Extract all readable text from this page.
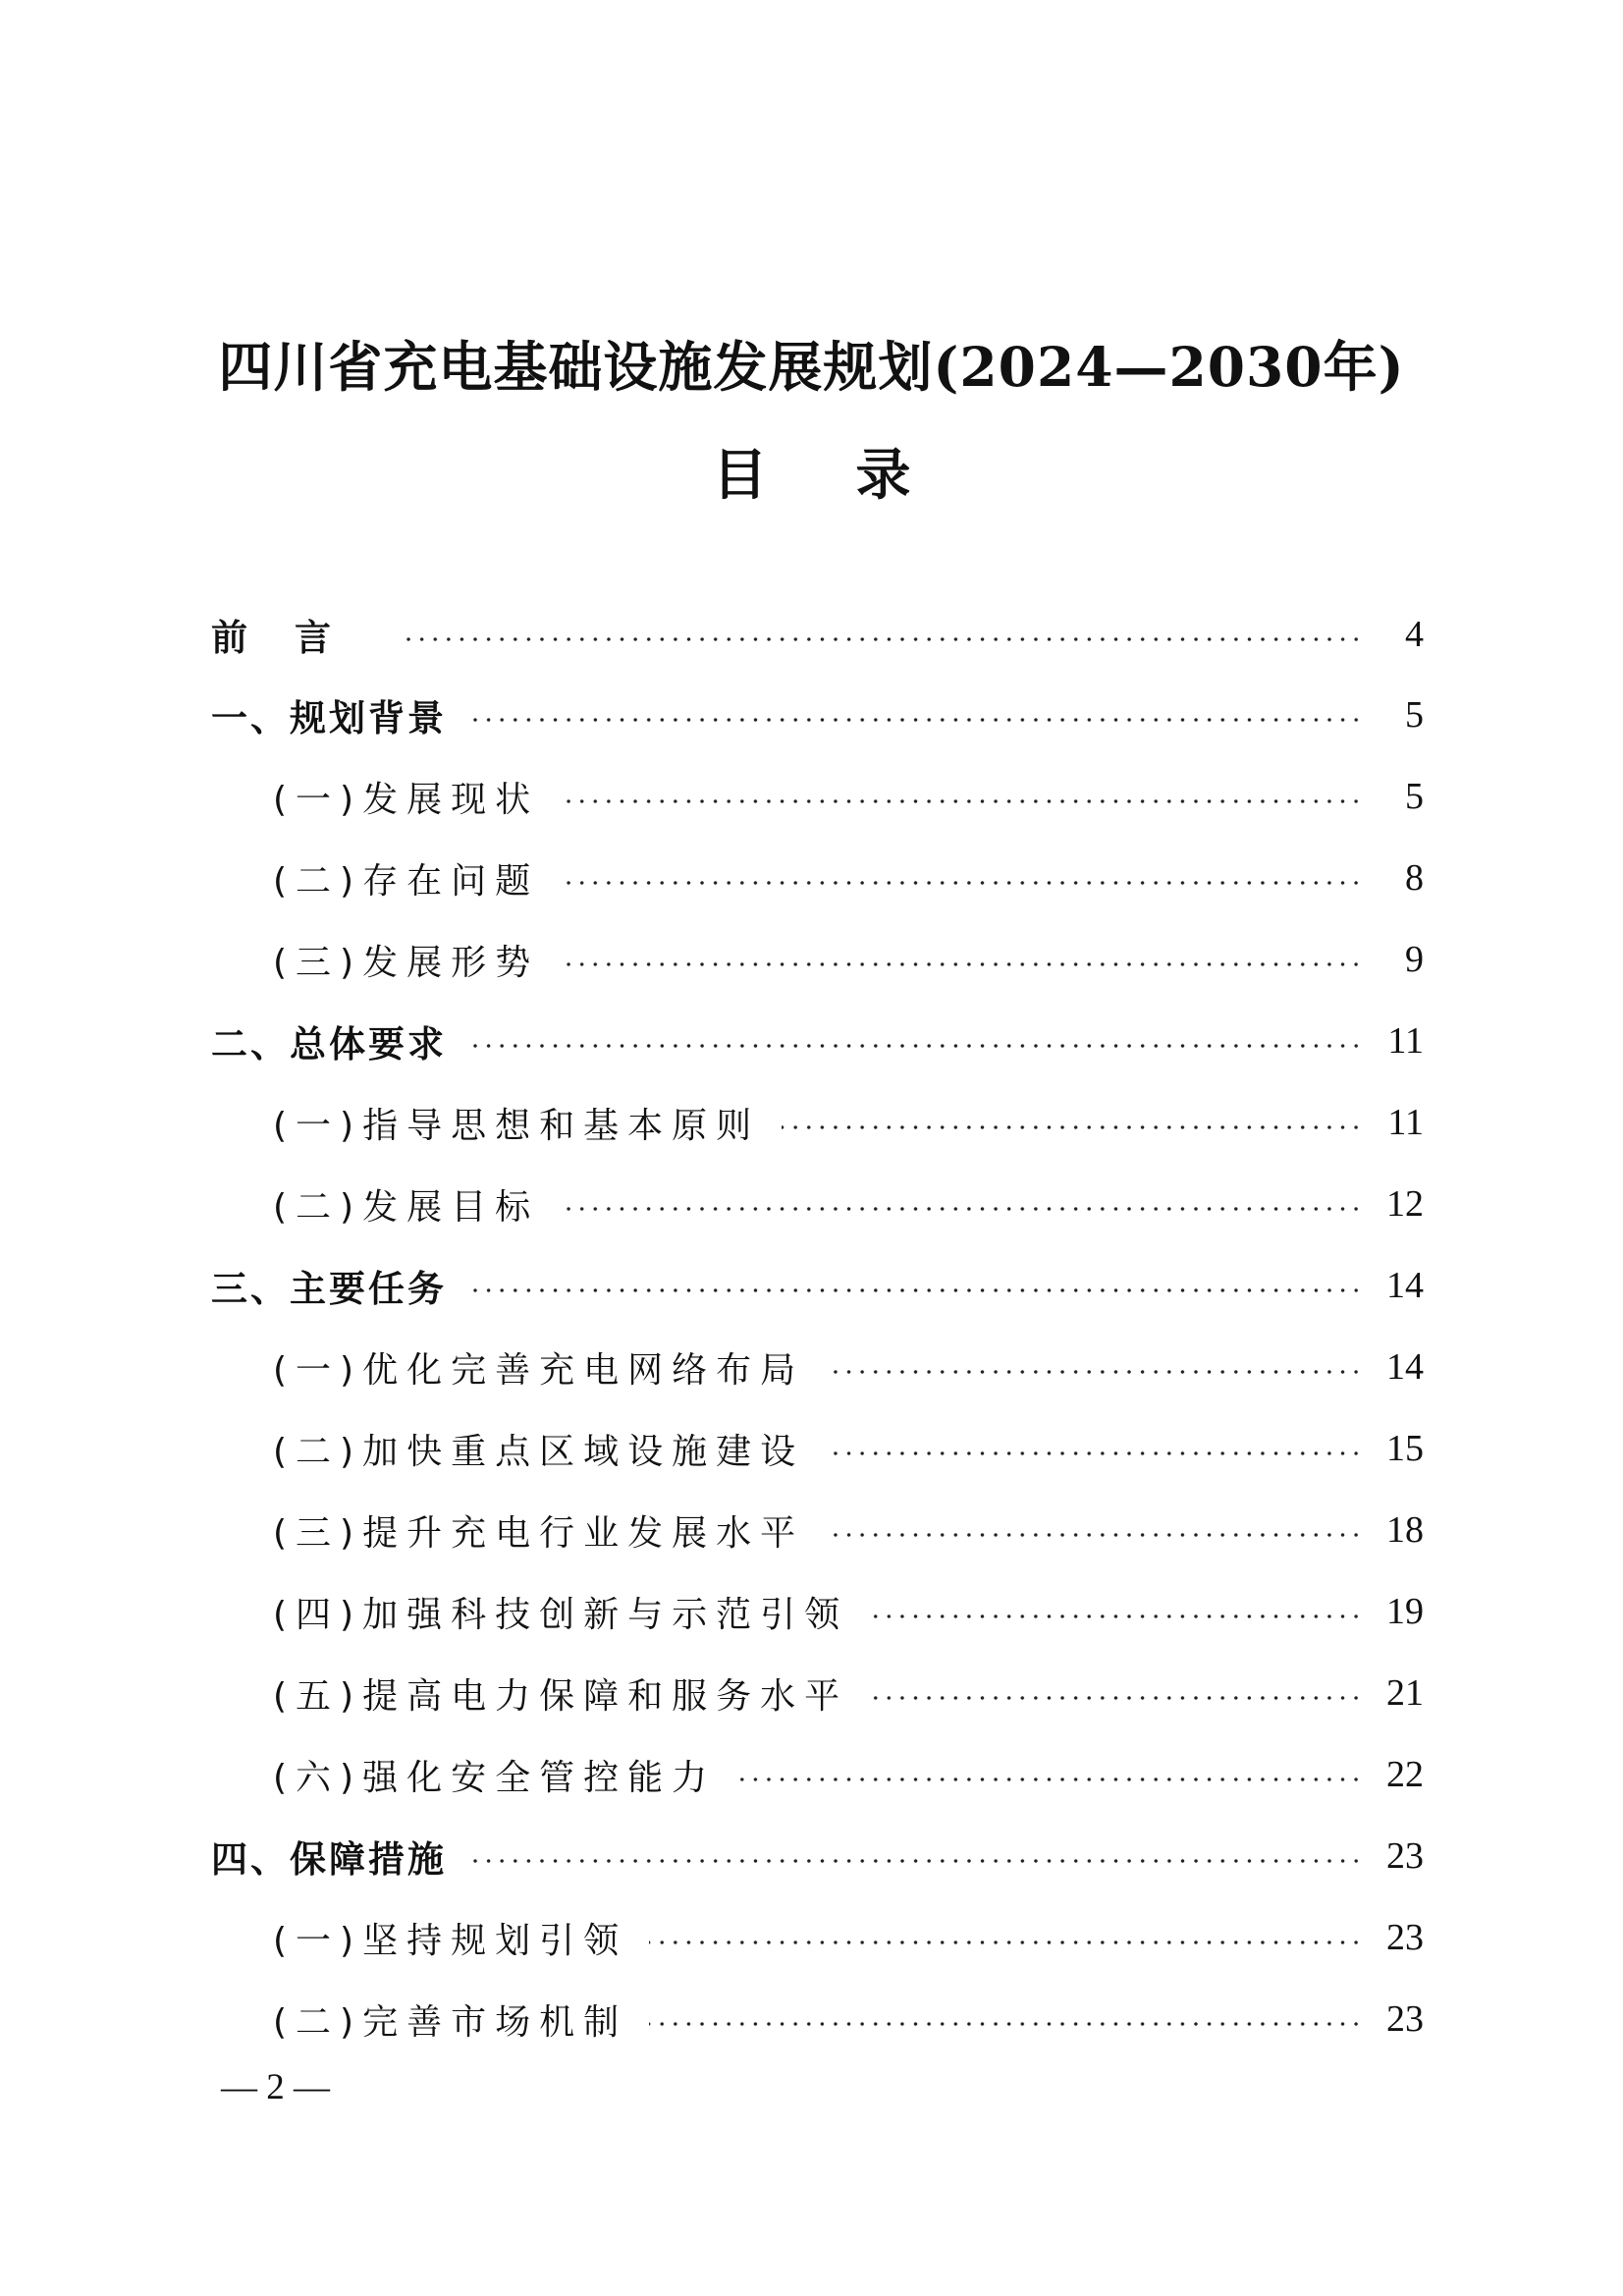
四川省充电基础设施发展规划(2024—2030年)
目录
前言	4
一、规划背景	5
(一)发展现状	5
(二)存在问题	8
(三)发展形势	9
二、总体要求	11
(一)指导思想和基本原则	11
(二)发展目标	12
三、主要任务	14
(一)优化完善充电网络布局	14
(二)加快重点区域设施建设	15
(三)提升充电行业发展水平	18
(四)加强科技创新与示范引领	19
(五)提高电力保障和服务水平	21
(六)强化安全管控能力	22
四、保障措施	23
(一)坚持规划引领	23
(二)完善市场机制	23
— 2 —
